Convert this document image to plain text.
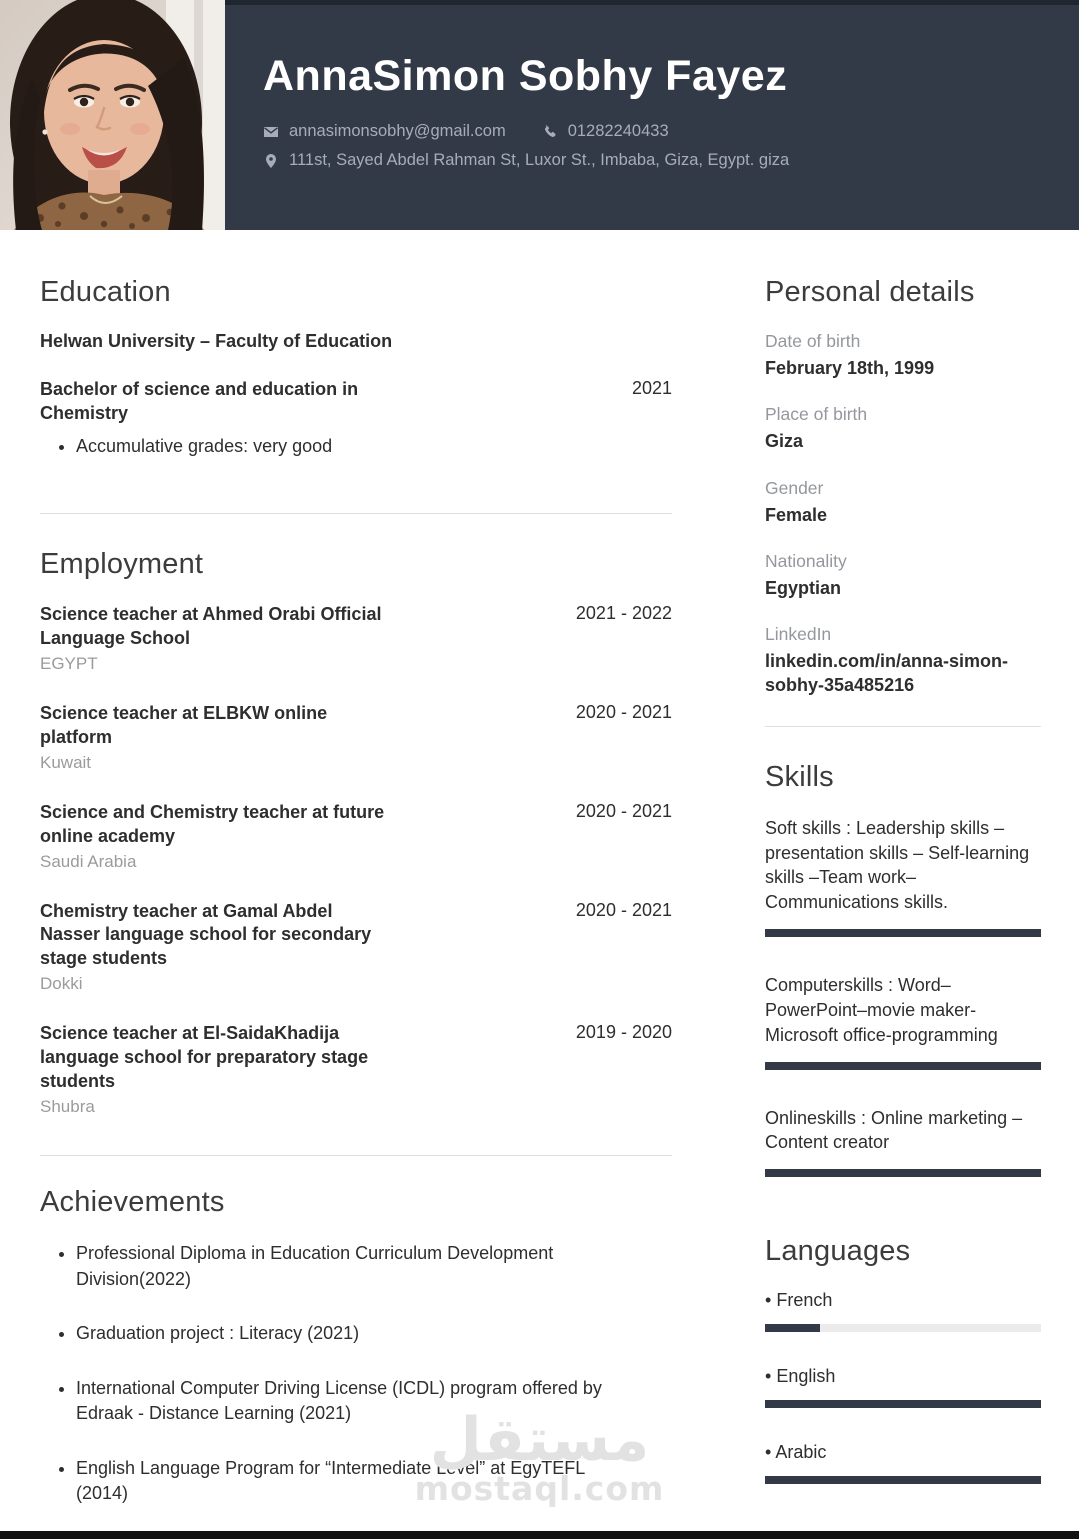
AnnaSimon Sobhy Fayez
annasimonsobhy@gmail.com	01282240433
111st, Sayed Abdel Rahman St, Luxor St., Imbaba, Giza, Egypt. giza
Education
Helwan University – Faculty of Education
Bachelor of science and education in Chemistry
2021
• Accumulative grades: very good
Employment
Science teacher at Ahmed Orabi Official Language School
EGYPT
2021 - 2022
Science teacher at ELBKW online platform
Kuwait
2020 - 2021
Science and Chemistry teacher at future online academy
Saudi Arabia
2020 - 2021
Chemistry teacher at Gamal Abdel Nasser language school for secondary stage students
Dokki
2020 - 2021
Science teacher at El-SaidaKhadija language school for preparatory stage students
Shubra
2019 - 2020
Achievements
• Professional Diploma in Education Curriculum Development Division(2022)
• Graduation project : Literacy (2021)
• International Computer Driving License (ICDL) program offered by Edraak - Distance Learning (2021)
• English Language Program for “Intermediate Level” at EgyTEFL (2014)
Personal details
Date of birth
February 18th, 1999
Place of birth
Giza
Gender
Female
Nationality
Egyptian
LinkedIn
linkedin.com/in/anna-simon-sobhy-35a485216
Skills

Soft skills : Leadership skills –presentation skills – Self-learning skills –Team work– Communications skills.

Computerskills : Word–PowerPoint–movie maker-Microsoft office-programming

Onlineskills : Online marketing –Content creator

Languages
• French
• English
• Arabic
مستقل
mostaql.com
